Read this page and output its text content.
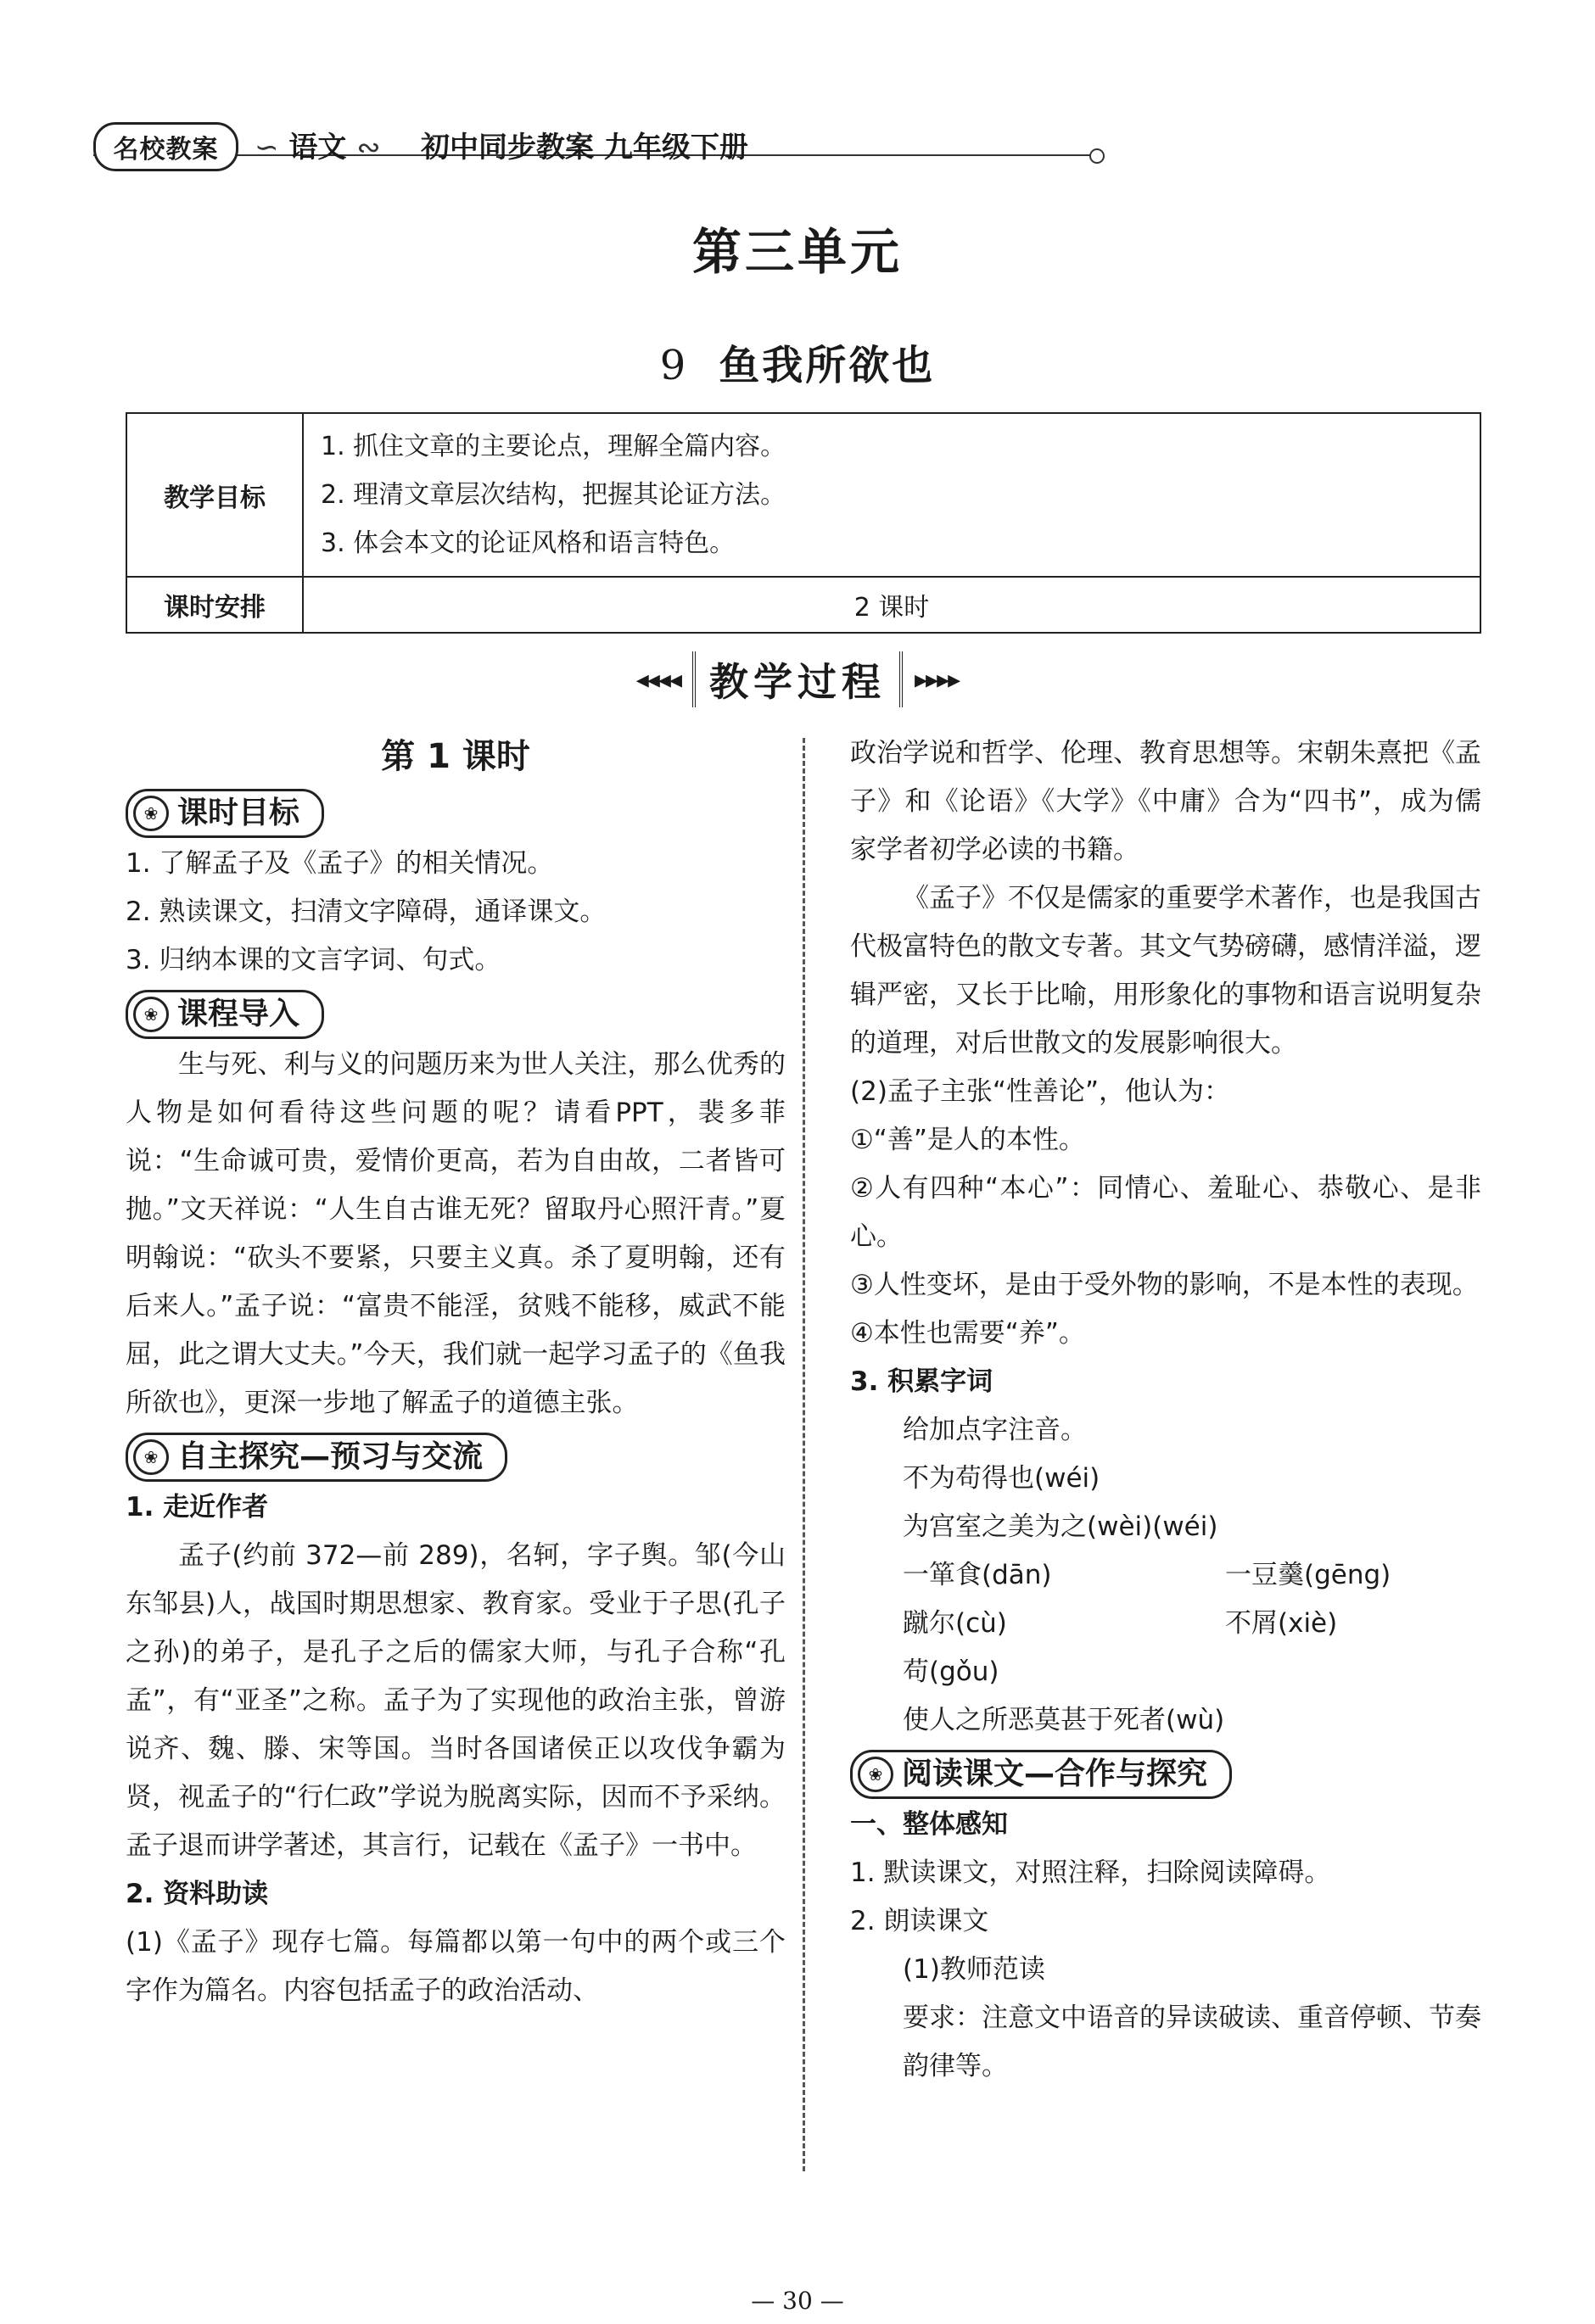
名校教案	∽ 语文 ∾ 初中同步教案 九年级下册
第三单元
9 鱼我所欲也
教学目标	1. 抓住文章的主要论点，理解全篇内容。
2. 理清文章层次结构，把握其论证方法。
3. 体会本文的论证风格和语言特色。

课时安排	2 课时
◂◂◂◂ 教学过程	▸▸▸▸

第 1 课时

❀ 课时目标

1. 了解孟子及《孟子》的相关情况。

2. 熟读课文，扫清文字障碍，通译课文。

3. 归纳本课的文言字词、句式。

❀ 课程导入

生与死、利与义的问题历来为世人关注，那么优秀的人物是如何看待这些问题的呢？请看PPT，裴多菲说：“生命诚可贵，爱情价更高，若为自由故，二者皆可抛。”文天祥说：“人生自古谁无死？留取丹心照汗青。”夏明翰说：“砍头不要紧，只要主义真。杀了夏明翰，还有后来人。”孟子说：“富贵不能淫，贫贱不能移，威武不能屈，此之谓大丈夫。”今天，我们就一起学习孟子的《鱼我所欲也》，更深一步地了解孟子的道德主张。

❀ 自主探究—预习与交流

1. 走近作者

孟子(约前 372—前 289)，名轲，字子舆。邹(今山东邹县)人，战国时期思想家、教育家。受业于子思(孔子之孙)的弟子，是孔子之后的儒家大师，与孔子合称“孔孟”，有“亚圣”之称。孟子为了实现他的政治主张，曾游说齐、魏、滕、宋等国。当时各国诸侯正以攻伐争霸为贤，视孟子的“行仁政”学说为脱离实际，因而不予采纳。孟子退而讲学著述，其言行，记载在《孟子》一书中。

2. 资料助读

(1)《孟子》现存七篇。每篇都以第一句中的两个或三个字作为篇名。内容包括孟子的政治活动、

政治学说和哲学、伦理、教育思想等。宋朝朱熹把《孟子》和《论语》《大学》《中庸》合为“四书”，成为儒家学者初学必读的书籍。

《孟子》不仅是儒家的重要学术著作，也是我国古代极富特色的散文专著。其文气势磅礴，感情洋溢，逻辑严密，又长于比喻，用形象化的事物和语言说明复杂的道理，对后世散文的发展影响很大。

(2)孟子主张“性善论”，他认为：

①“善”是人的本性。

②人有四种“本心”：同情心、羞耻心、恭敬心、是非心。

③人性变坏，是由于受外物的影响，不是本性的表现。

④本性也需要“养”。

3. 积累字词

给加点字注音。

不为苟得也(wéi)

为宫室之美为之(wèi)(wéi)

一箪食(dān)	一豆羹(gēng)
蹴尔(cù)	不屑(xiè)

苟(gǒu)

使人之所恶莫甚于死者(wù)

❀ 阅读课文—合作与探究

一、整体感知

1. 默读课文，对照注释，扫除阅读障碍。

2. 朗读课文

(1)教师范读

要求：注意文中语音的异读破读、重音停顿、节奏韵律等。

— 30 —
